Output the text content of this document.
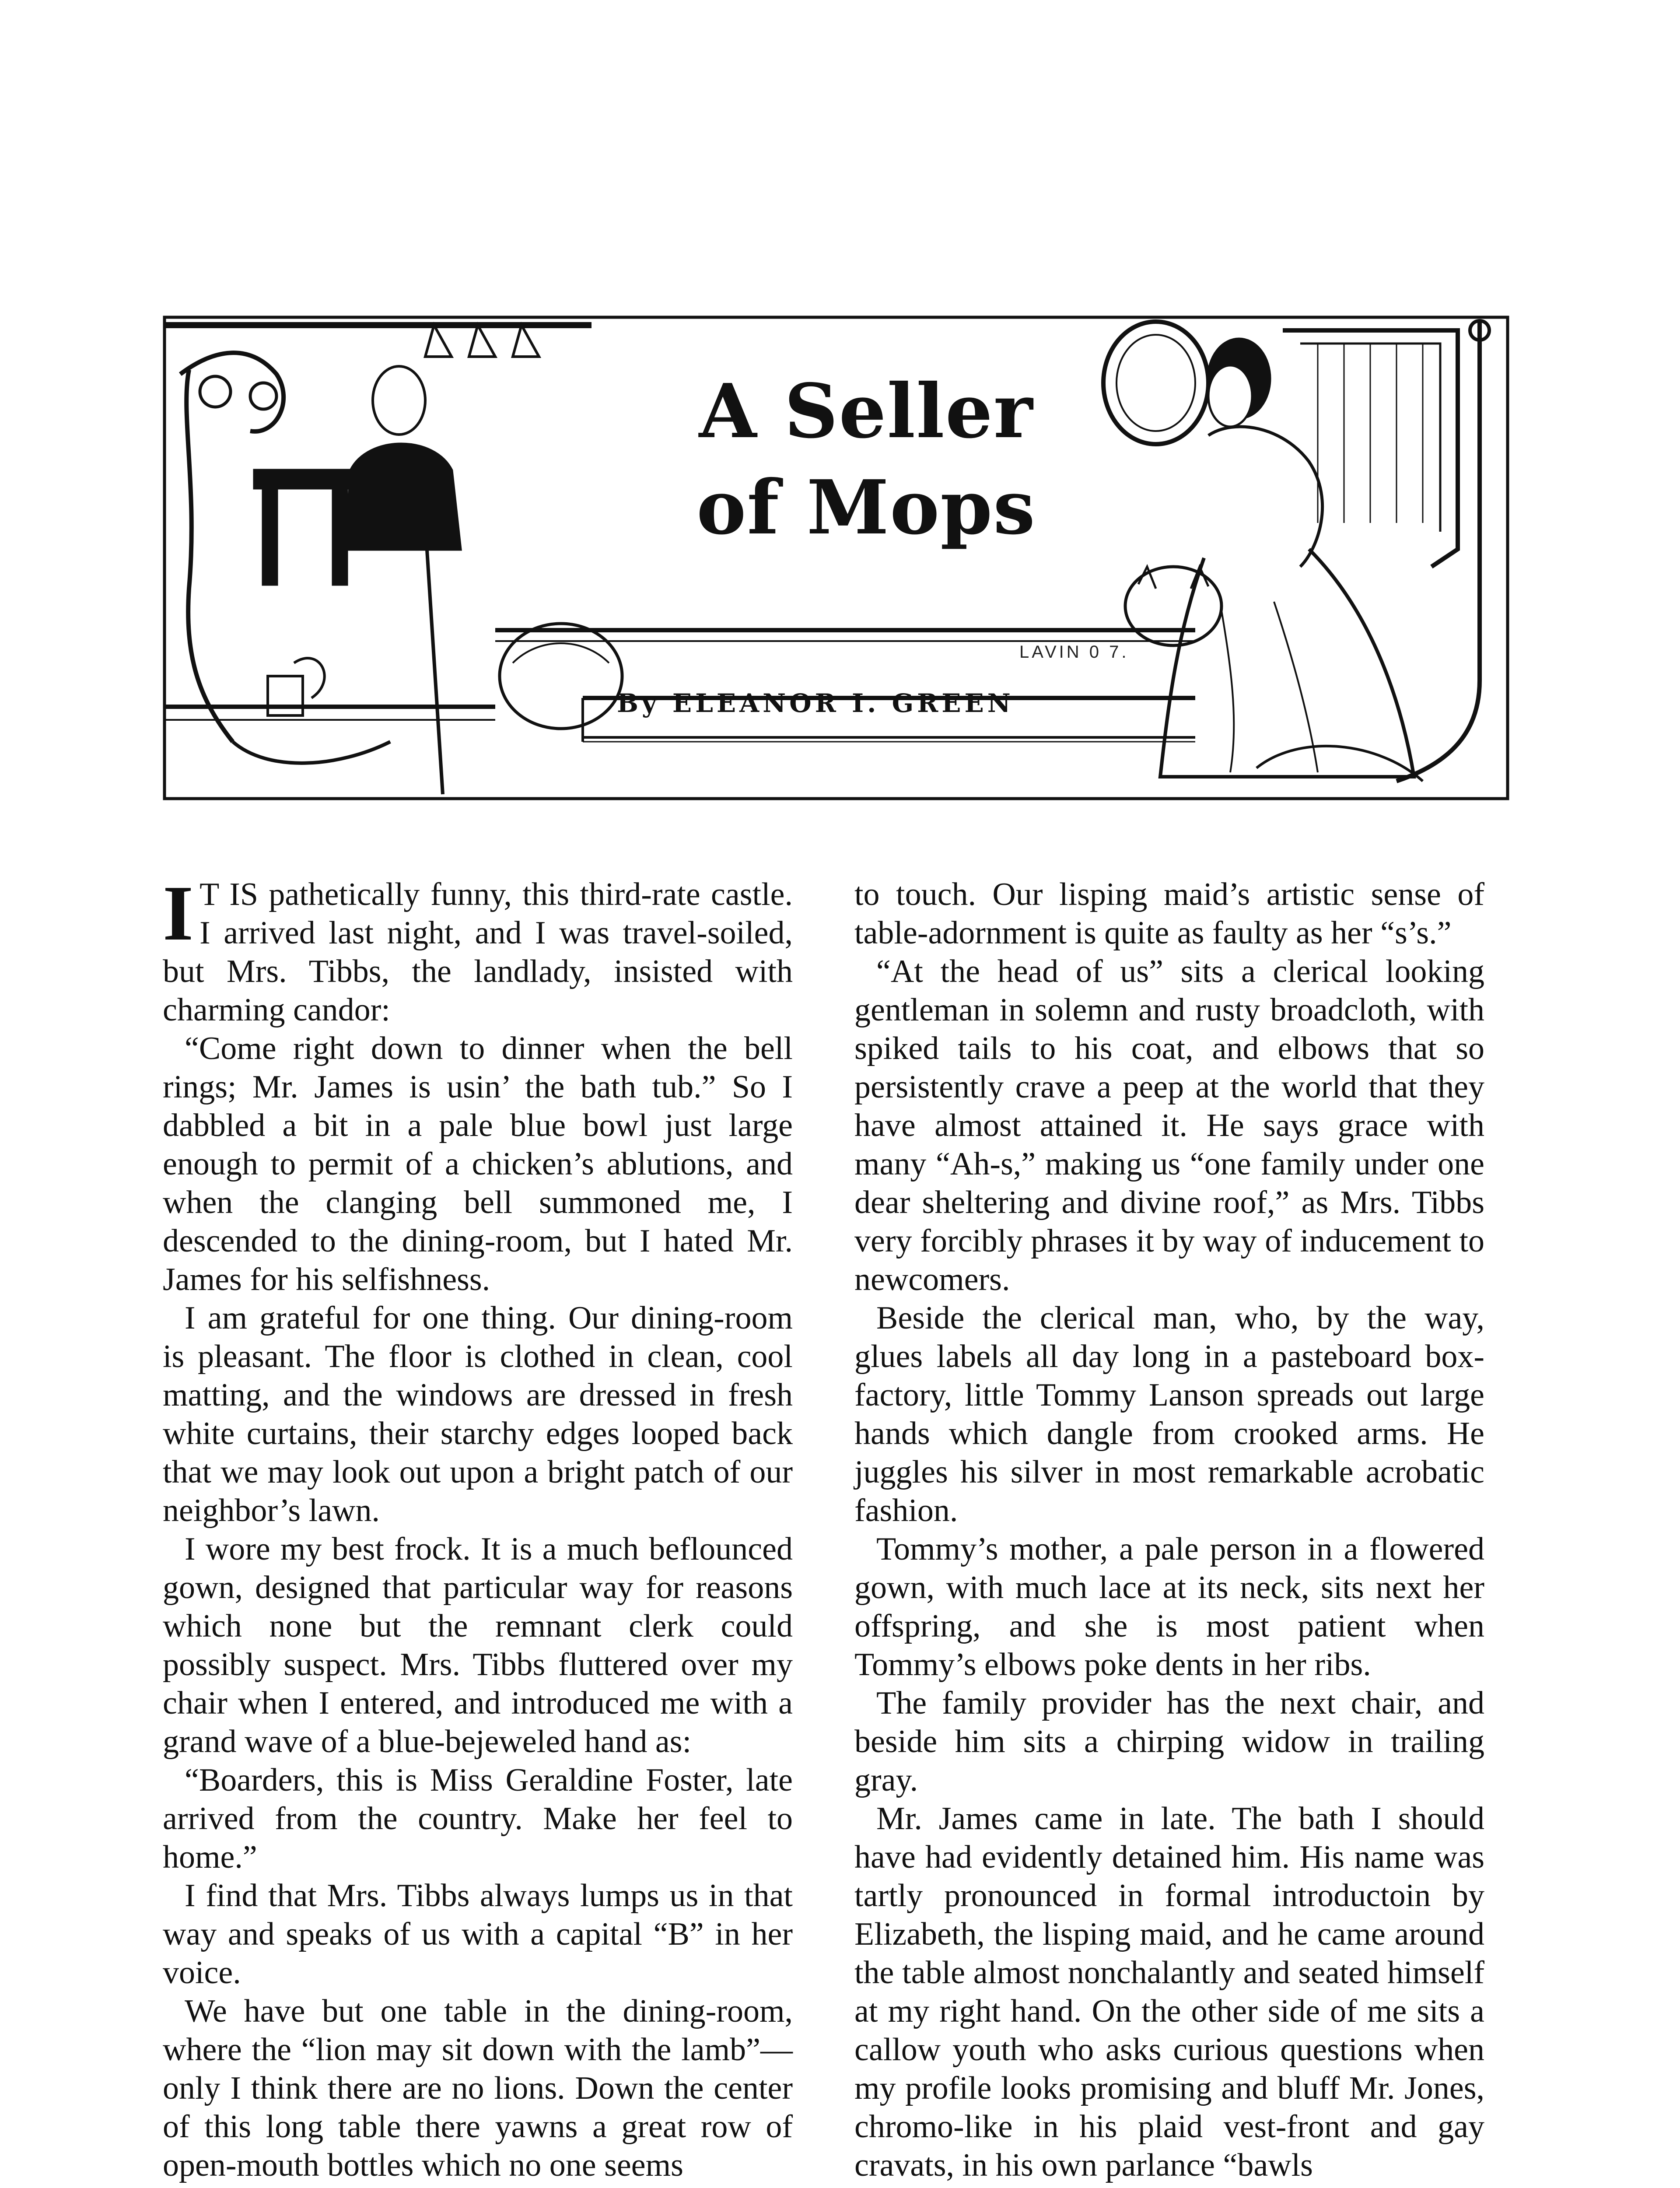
A Seller
of Mops
LAVIN 0 7.
By ELEANOR I. GREEN

I T IS pathetically funny, this third-rate castle. I arrived last night, and I was travel-soiled, but Mrs. Tibbs, the landlady, insisted with charming candor:

“Come right down to dinner when the bell rings; Mr. James is usin’ the bath tub.” So I dabbled a bit in a pale blue bowl just large enough to permit of a chicken’s ablutions, and when the clanging bell summoned me, I descended to the dining-room, but I hated Mr. James for his selfishness.

I am grateful for one thing. Our dining-room is pleasant. The floor is clothed in clean, cool matting, and the windows are dressed in fresh white curtains, their starchy edges looped back that we may look out upon a bright patch of our neighbor’s lawn.

I wore my best frock. It is a much beflounced gown, designed that particular way for reasons which none but the remnant clerk could possibly suspect. Mrs. Tibbs fluttered over my chair when I entered, and introduced me with a grand wave of a blue-bejeweled hand as:

“Boarders, this is Miss Geraldine Foster, late arrived from the country. Make her feel to home.”

I find that Mrs. Tibbs always lumps us in that way and speaks of us with a capital “B” in her voice.

We have but one table in the dining-room, where the “lion may sit down with the lamb”— only I think there are no lions. Down the center of this long table there yawns a great row of open-mouth bottles which no one seems

to touch. Our lisping maid’s artistic sense of table-adornment is quite as faulty as her “s’s.”

“At the head of us” sits a clerical looking gentleman in solemn and rusty broadcloth, with spiked tails to his coat, and elbows that so persistently crave a peep at the world that they have almost attained it. He says grace with many “Ah-s,” making us “one family under one dear sheltering and divine roof,” as Mrs. Tibbs very forcibly phrases it by way of inducement to newcomers.

Beside the clerical man, who, by the way, glues labels all day long in a pasteboard box-factory, little Tommy Lanson spreads out large hands which dangle from crooked arms. He juggles his silver in most remarkable acrobatic fashion.

Tommy’s mother, a pale person in a flowered gown, with much lace at its neck, sits next her offspring, and she is most patient when Tommy’s elbows poke dents in her ribs.

The family provider has the next chair, and beside him sits a chirping widow in trailing gray.

Mr. James came in late. The bath I should have had evidently detained him. His name was tartly pronounced in formal introductoin by Elizabeth, the lisping maid, and he came around the table almost nonchalantly and seated himself at my right hand. On the other side of me sits a callow youth who asks curious questions when my profile looks promising and bluff Mr. Jones, chromo-like in his plaid vest-front and gay cravats, in his own parlance “bawls
